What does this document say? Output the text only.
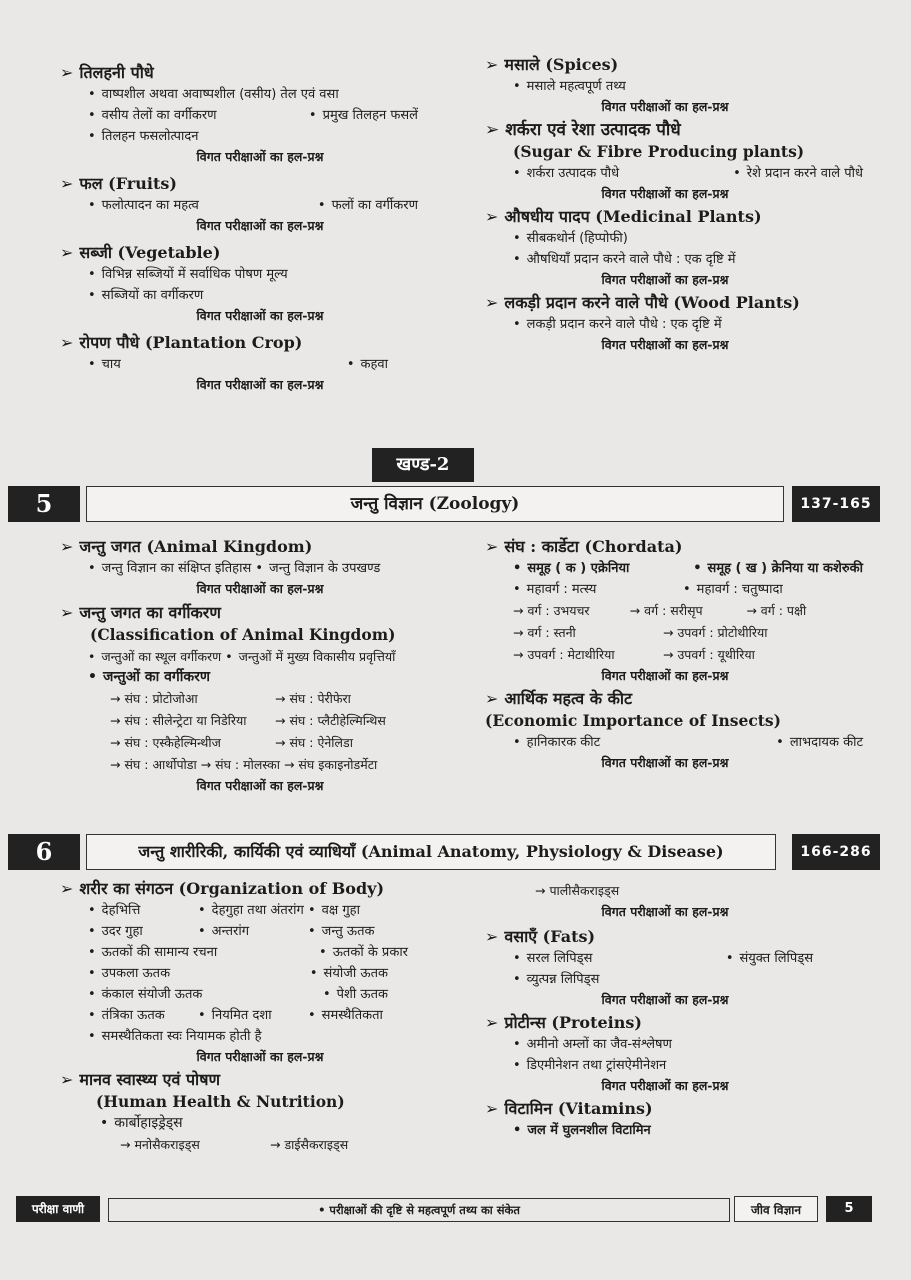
➢ तिलहनी पौधे
• वाष्पशील अथवा अवाष्पशील (वसीय) तेल एवं वसा
• वसीय तेलों का वर्गीकरण	• प्रमुख तिलहन फसलें
• तिलहन फसलोत्पादन
विगत परीक्षाओं का हल-प्रश्न
➢ फल (Fruits)
• फलोत्पादन का महत्व	• फलों का वर्गीकरण
विगत परीक्षाओं का हल-प्रश्न
➢ सब्जी (Vegetable)
• विभिन्न सब्जियों में सर्वाधिक पोषण मूल्य
• सब्जियों का वर्गीकरण
विगत परीक्षाओं का हल-प्रश्न
➢ रोपण पौधे (Plantation Crop)
• चाय	• कहवा
विगत परीक्षाओं का हल-प्रश्न
➢ मसाले (Spices)
• मसाले महत्वपूर्ण तथ्य
विगत परीक्षाओं का हल-प्रश्न
➢ शर्करा एवं रेशा उत्पादक पौधे
(Sugar & Fibre Producing plants)
• शर्करा उत्पादक पौधे	• रेशे प्रदान करने वाले पौधे
विगत परीक्षाओं का हल-प्रश्न
➢ औषधीय पादप (Medicinal Plants)
• सीबकथोर्न (हिप्पोफी)
• औषधियाँ प्रदान करने वाले पौधे : एक दृष्टि में
विगत परीक्षाओं का हल-प्रश्न
➢ लकड़ी प्रदान करने वाले पौधे (Wood Plants)
• लकड़ी प्रदान करने वाले पौधे : एक दृष्टि में
विगत परीक्षाओं का हल-प्रश्न
खण्ड-2
5	जन्तु विज्ञान (Zoology)	137-165
➢ जन्तु जगत (Animal Kingdom)
• जन्तु विज्ञान का संक्षिप्त इतिहास • जन्तु विज्ञान के उपखण्ड
विगत परीक्षाओं का हल-प्रश्न
➢ जन्तु जगत का वर्गीकरण
(Classification of Animal Kingdom)
• जन्तुओं का स्थूल वर्गीकरण • जन्तुओं में मुख्य विकासीय प्रवृत्तियाँ
• जन्तुओं का वर्गीकरण
→ संघ : प्रोटोजोआ	→ संघ : पेरीफेरा
→ संघ : सीलेन्ट्रेटा या निडेरिया	→ संघ : प्लैटीहेल्मिन्थिस
→ संघ : एस्कैहेल्मिन्थीज	→ संघ : ऐनेलिडा
→ संघ : आर्थोपोडा → संघ : मोलस्का → संघ इकाइनोडर्मेटा
विगत परीक्षाओं का हल-प्रश्न
➢ संघ : कार्डेटा (Chordata)
• समूह ( क ) एक्रेनिया	• समूह ( ख ) क्रेनिया या कशेरुकी
• महावर्ग : मत्स्य	• महावर्ग : चतुष्पादा
→ वर्ग : उभयचर	→ वर्ग : सरीसृप	→ वर्ग : पक्षी
→ वर्ग : स्तनी	→ उपवर्ग : प्रोटोथीरिया
→ उपवर्ग : मेटाथीरिया	→ उपवर्ग : यूथीरिया
विगत परीक्षाओं का हल-प्रश्न
➢ आर्थिक महत्व के कीट
(Economic Importance of Insects)
• हानिकारक कीट	• लाभदायक कीट
विगत परीक्षाओं का हल-प्रश्न
6	जन्तु शारीरिकी, कार्यिकी एवं व्याधियाँ (Animal Anatomy, Physiology & Disease)	166-286
➢ शरीर का संगठन (Organization of Body)
• देहभित्ति	• देहगुहा तथा अंतरांग • वक्ष गुहा
• उदर गुहा	• अन्तरांग	• जन्तु ऊतक
• ऊतकों की सामान्य रचना	• ऊतकों के प्रकार
• उपकला ऊतक	• संयोजी ऊतक
• कंकाल संयोजी ऊतक	• पेशी ऊतक
• तंत्रिका ऊतक	• नियमित दशा	• समस्थैतिकता
• समस्थैतिकता स्वः नियामक होती है
विगत परीक्षाओं का हल-प्रश्न
➢ मानव स्वास्थ्य एवं पोषण
(Human Health & Nutrition)
• कार्बोहाइड्रेड्स
→ मनोसैकराइड्स	→ डाईसैकराइड्स
→ पालीसैकराइड्स
विगत परीक्षाओं का हल-प्रश्न
➢ वसाएँ (Fats)
• सरल लिपिड्स	• संयुक्त लिपिड्स
• व्युत्पन्न लिपिड्स
विगत परीक्षाओं का हल-प्रश्न
➢ प्रोटीन्स (Proteins)
• अमीनो अम्लों का जैव-संश्लेषण
• डिएमीनेशन तथा ट्रांसऐमीनेशन
विगत परीक्षाओं का हल-प्रश्न
➢ विटामिन (Vitamins)
• जल में घुलनशील विटामिन
परीक्षा वाणी	• परीक्षाओं की दृष्टि से महत्वपूर्ण तथ्य का संकेत	जीव विज्ञान	5
